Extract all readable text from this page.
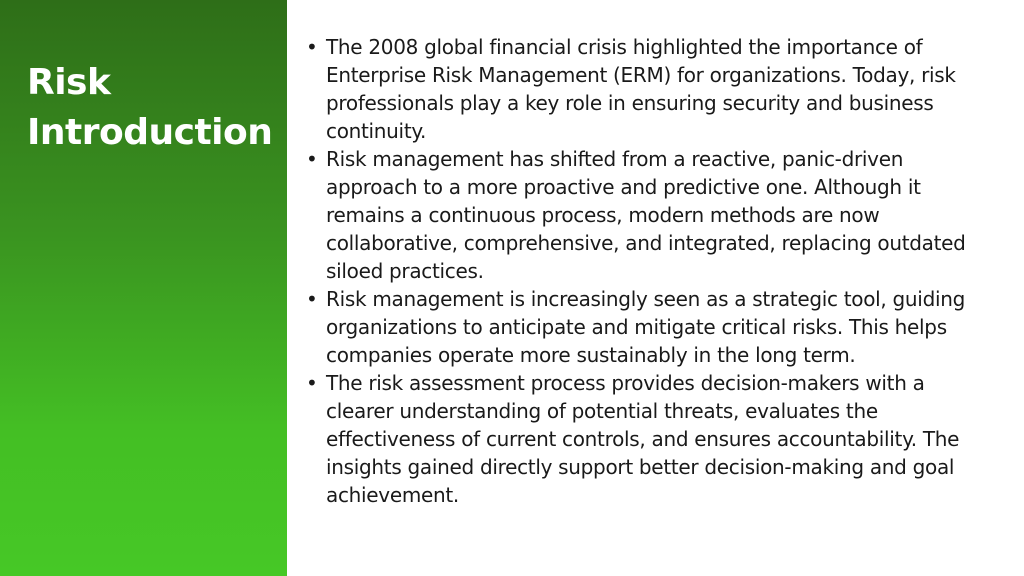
Risk
Introduction
• The 2008 global financial crisis highlighted the importance of Enterprise Risk Management (ERM) for organizations. Today, risk professionals play a key role in ensuring security and business continuity.
• Risk management has shifted from a reactive, panic-driven approach to a more proactive and predictive one. Although it remains a continuous process, modern methods are now collaborative, comprehensive, and integrated, replacing outdated siloed practices.
• Risk management is increasingly seen as a strategic tool, guiding organizations to anticipate and mitigate critical risks. This helps companies operate more sustainably in the long term.
• The risk assessment process provides decision-makers with a clearer understanding of potential threats, evaluates the effectiveness of current controls, and ensures accountability. The insights gained directly support better decision-making and goal achievement.
